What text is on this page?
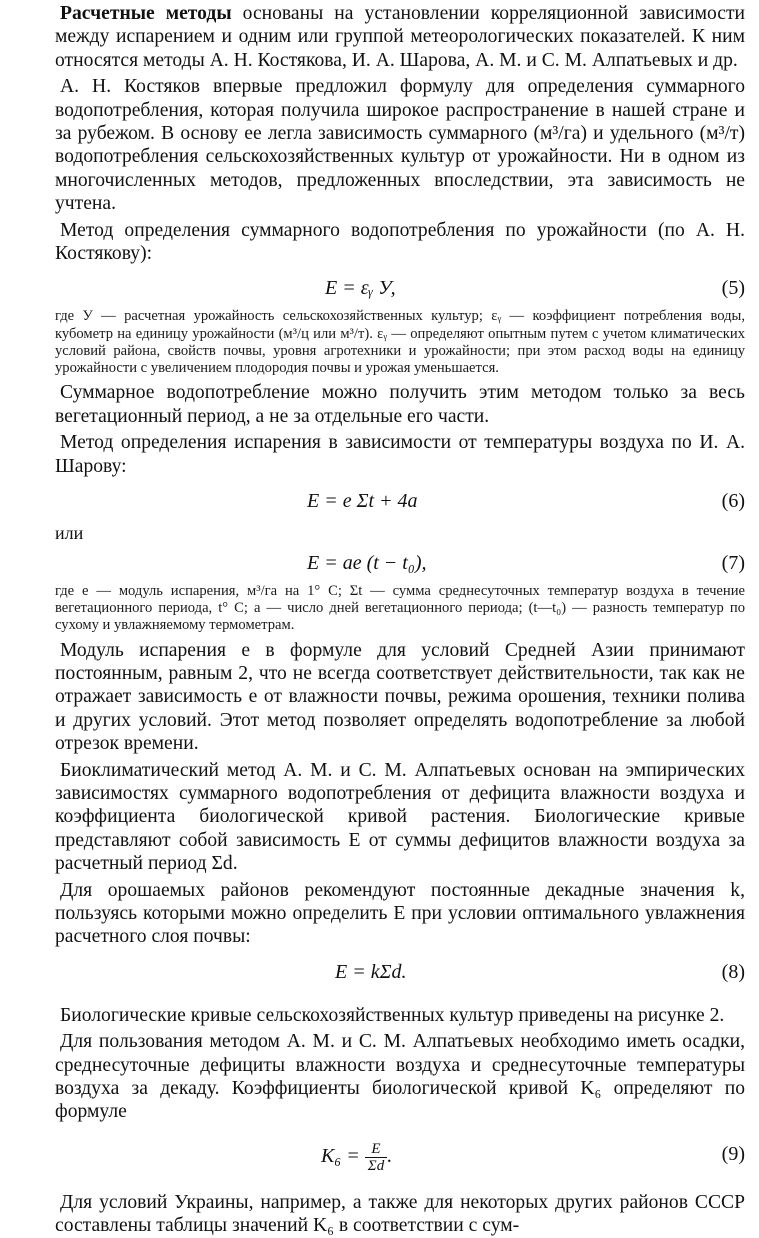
Расчетные методы основаны на установлении корреляционной зависимости между испарением и одним или группой метеорологических показателей. К ним относятся методы А. Н. Костякова, И. А. Шарова, А. М. и С. М. Алпатьевых и др.

А. Н. Костяков впервые предложил формулу для определения суммарного водопотребления, которая получила широкое распространение в нашей стране и за рубежом. В основу ее легла зависимость суммарного (м³/га) и удельного (м³/т) водопотребления сельскохозяйственных культур от урожайности. Ни в одном из многочисленных методов, предложенных впоследствии, эта зависимость не учтена.

Метод определения суммарного водопотребления по урожайности (по А. Н. Костякову):

E = εᵧ У,	(5)

где У — расчетная урожайность сельскохозяйственных культур; εᵧ — коэффициент потребления воды, кубометр на единицу урожайности (м³/ц или м³/т). εᵧ — определяют опытным путем с учетом климатических условий района, свойств почвы, уровня агротехники и урожайности; при этом расход воды на единицу урожайности с увеличением плодородия почвы и урожая уменьшается.

Суммарное водопотребление можно получить этим методом только за весь вегетационный период, а не за отдельные его части.

Метод определения испарения в зависимости от температуры воздуха по И. А. Шарову:

E = e Σt + 4a	(6)
или
E = ae (t − t₀),	(7)

где e — модуль испарения, м³/га на 1° C; Σt — сумма среднесуточных температур воздуха в течение вегетационного периода, t° C; a — число дней вегетационного периода; (t—t₀) — разность температур по сухому и увлажняемому термометрам.

Модуль испарения e в формуле для условий Средней Азии принимают постоянным, равным 2, что не всегда соответствует действительности, так как не отражает зависимость e от влажности почвы, режима орошения, техники полива и других условий. Этот метод позволяет определять водопотребление за любой отрезок времени.

Биоклиматический метод А. М. и С. М. Алпатьевых основан на эмпирических зависимостях суммарного водопотребления от дефицита влажности воздуха и коэффициента биологической кривой растения. Биологические кривые представляют собой зависимость E от суммы дефицитов влажности воздуха за расчетный период Σd.

Для орошаемых районов рекомендуют постоянные декадные значения k, пользуясь которыми можно определить E при условии оптимального увлажнения расчетного слоя почвы:

E = kΣd.	(8)

Биологические кривые сельскохозяйственных культур приведены на рисунке 2.

Для пользования методом А. М. и С. М. Алпатьевых необходимо иметь осадки, среднесуточные дефициты влажности воздуха и среднесуточные температуры воздуха за декаду. Коэффициенты биологической кривой K₆ определяют по формуле

$K_6 = \frac{E}{\Sigma d}$ .	(9)

Для условий Украины, например, а также для некоторых других районов СССР составлены таблицы значений K₆ в соответствии с сум-
